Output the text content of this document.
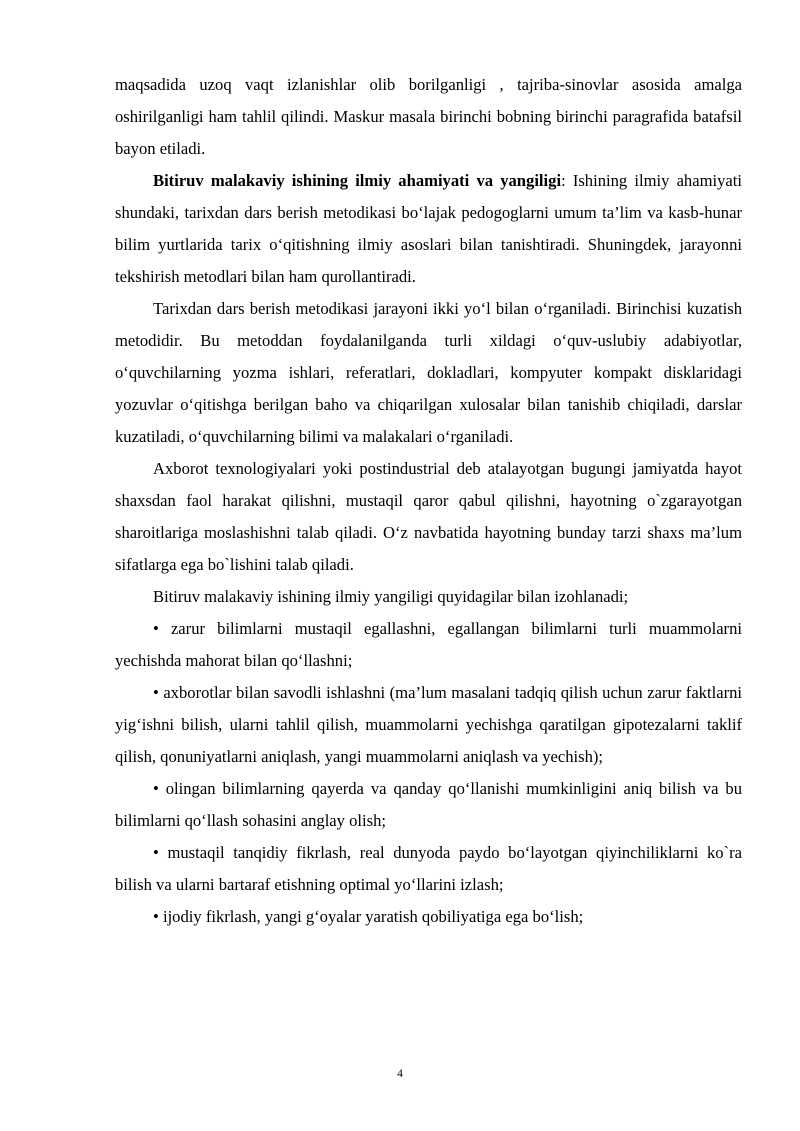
maqsadida uzoq vaqt izlanishlar olib borilganligi , tajriba-sinovlar asosida amalga oshirilganligi ham tahlil qilindi. Maskur masala birinchi bobning birinchi paragrafida batafsil bayon etiladi.

Bitiruv malakaviy ishining ilmiy ahamiyati va yangiligi: Ishining ilmiy ahamiyati shundaki, tarixdan dars berish metodikasi bo‘lajak pedogoglarni umum ta’lim va kasb-hunar bilim yurtlarida tarix o‘qitishning ilmiy asoslari bilan tanishtiradi. Shuningdek, jarayonni tekshirish metodlari bilan ham qurollantiradi.

Tarixdan dars berish metodikasi jarayoni ikki yo‘l bilan o‘rganiladi. Birinchisi kuzatish metodidir. Bu metoddan foydalanilganda turli xildagi o‘quv-uslubiy adabiyotlar, o‘quvchilarning yozma ishlari, referatlari, dokladlari, kompyuter kompakt disklaridagi yozuvlar o‘qitishga berilgan baho va chiqarilgan xulosalar bilan tanishib chiqiladi, darslar kuzatiladi, o‘quvchilarning bilimi va malakalari o‘rganiladi.

Axborot texnologiyalari yoki postindustrial deb atalayotgan bugungi jamiyatda hayot shaxsdan faol harakat qilishni, mustaqil qaror qabul qilishni, hayotning o`zgarayotgan sharoitlariga moslashishni talab qiladi. O‘z navbatida hayotning bunday tarzi shaxs ma’lum sifatlarga ega bo`lishini talab qiladi.

Bitiruv malakaviy ishining ilmiy yangiligi quyidagilar bilan izohlanadi;

• zarur bilimlarni mustaqil egallashni, egallangan bilimlarni turli muammolarni yechishda mahorat bilan qo‘llashni;

• axborotlar bilan savodli ishlashni (ma’lum masalani tadqiq qilish uchun zarur faktlarni yig‘ishni bilish, ularni tahlil qilish, muammolarni yechishga qaratilgan gipotezalarni taklif qilish, qonuniyatlarni aniqlash, yangi muammolarni aniqlash va yechish);

• olingan bilimlarning qayerda va qanday qo‘llanishi mumkinligini aniq bilish va bu bilimlarni qo‘llash sohasini anglay olish;

• mustaqil tanqidiy fikrlash, real dunyoda paydo bo‘layotgan qiyinchiliklarni ko`ra bilish va ularni bartaraf etishning optimal yo‘llarini izlash;

• ijodiy fikrlash, yangi g‘oyalar yaratish qobiliyatiga ega bo‘lish;

4
